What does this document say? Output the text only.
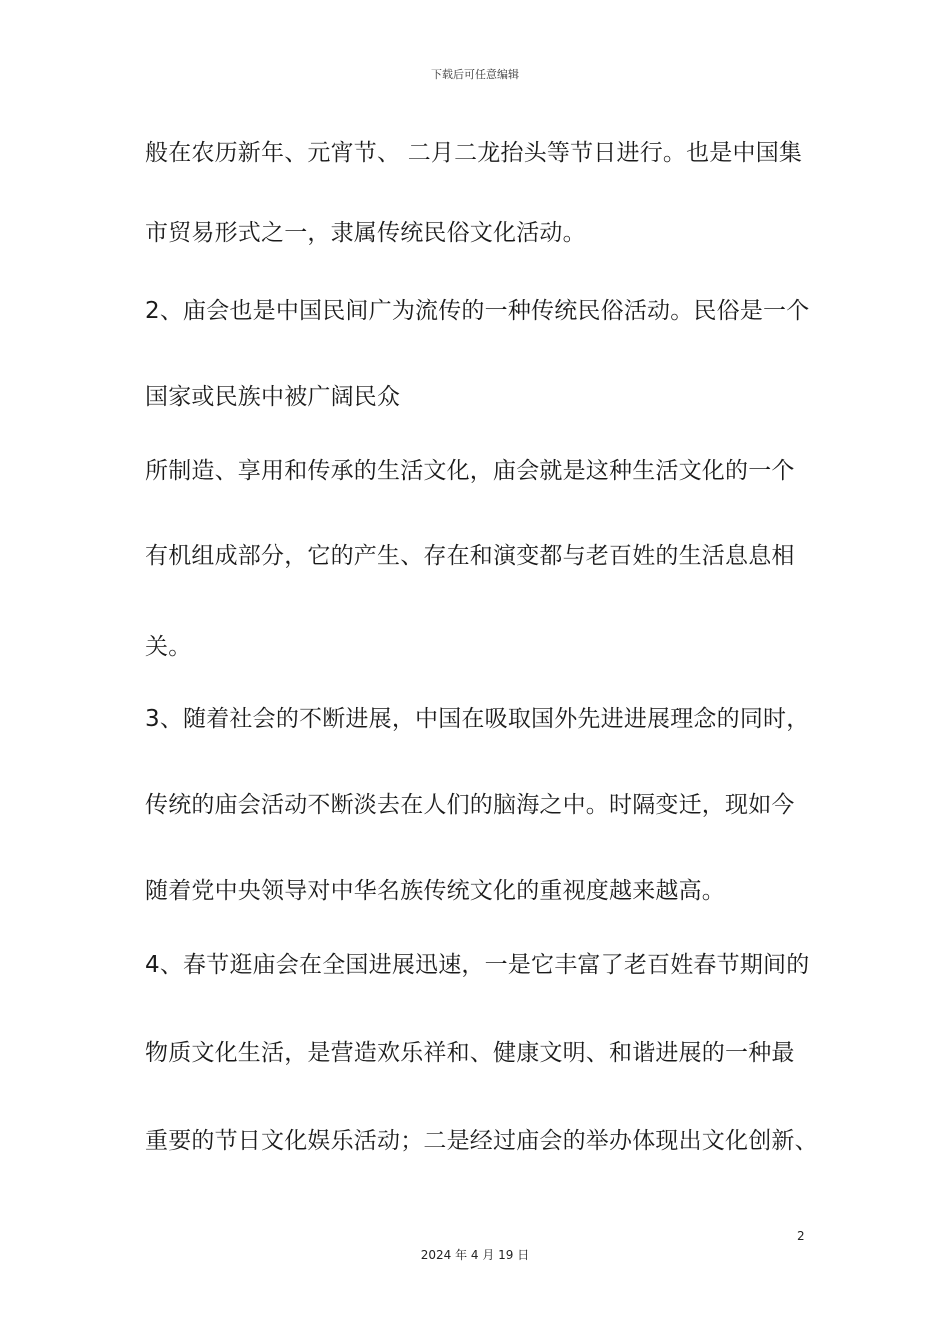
下载后可任意编辑
般在农历新年、元宵节、 二月二龙抬头等节日进行。也是中国集
市贸易形式之一，隶属传统民俗文化活动。
2、庙会也是中国民间广为流传的一种传统民俗活动。民俗是一个
国家或民族中被广阔民众
所制造、享用和传承的生活文化，庙会就是这种生活文化的一个
有机组成部分，它的产生、存在和演变都与老百姓的生活息息相
关。
3、随着社会的不断进展，中国在吸取国外先进进展理念的同时，
传统的庙会活动不断淡去在人们的脑海之中。时隔变迁，现如今
随着党中央领导对中华名族传统文化的重视度越来越高。
4、春节逛庙会在全国进展迅速，一是它丰富了老百姓春节期间的
物质文化生活，是营造欢乐祥和、健康文明、和谐进展的一种最
重要的节日文化娱乐活动；二是经过庙会的举办体现出文化创新、
2
2024 年 4 月 19 日
